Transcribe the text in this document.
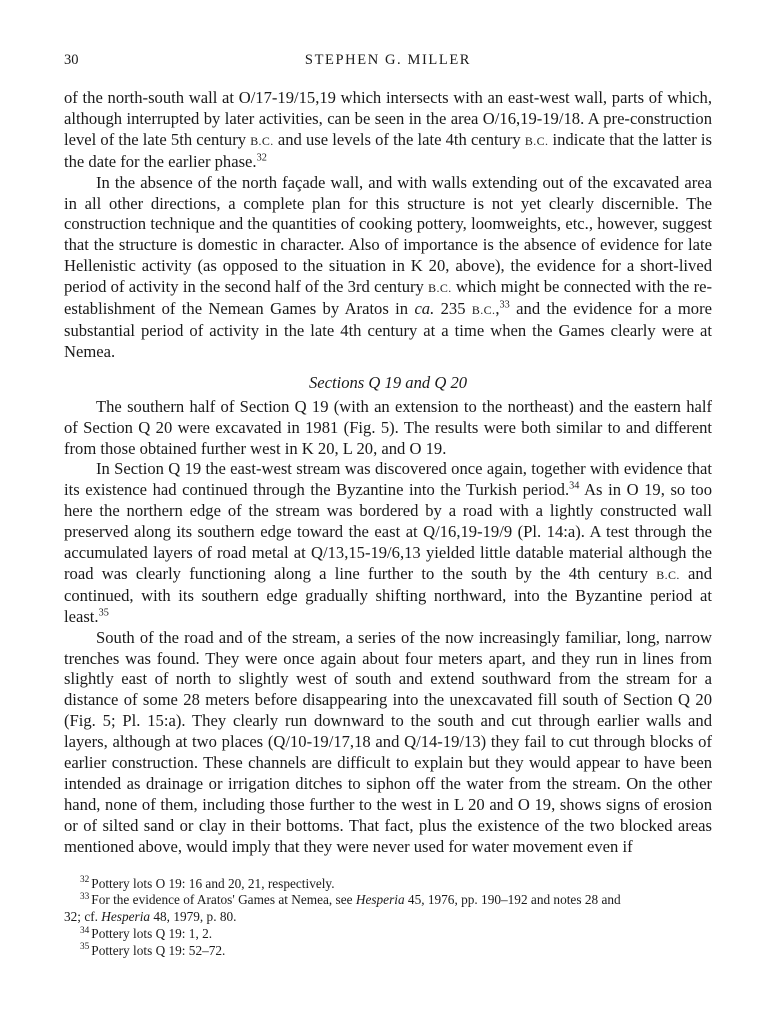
30	STEPHEN G. MILLER

of the north-south wall at O/17-19/15,19 which intersects with an east-west wall, parts of which, although interrupted by later activities, can be seen in the area O/16,19-19/18. A pre-construction level of the late 5th century B.C. and use levels of the late 4th century B.C. indicate that the latter is the date for the earlier phase.$^{32}$

In the absence of the north façade wall, and with walls extending out of the excavated area in all other directions, a complete plan for this structure is not yet clearly discernible. The construction technique and the quantities of cooking pottery, loomweights, etc., however, suggest that the structure is domestic in character. Also of importance is the absence of evidence for late Hellenistic activity (as opposed to the situation in K 20, above), the evidence for a short-lived period of activity in the second half of the 3rd century B.C. which might be connected with the re-establishment of the Nemean Games by Aratos in ca. 235 B.C.,$^{33}$ and the evidence for a more substantial period of activity in the late 4th century at a time when the Games clearly were at Nemea.

Sections Q 19 and Q 20

The southern half of Section Q 19 (with an extension to the northeast) and the eastern half of Section Q 20 were excavated in 1981 (Fig. 5). The results were both similar to and different from those obtained further west in K 20, L 20, and O 19.

In Section Q 19 the east-west stream was discovered once again, together with evidence that its existence had continued through the Byzantine into the Turkish period.$^{34}$ As in O 19, so too here the northern edge of the stream was bordered by a road with a lightly constructed wall preserved along its southern edge toward the east at Q/16,19-19/9 (Pl. 14:a). A test through the accumulated layers of road metal at Q/13,15-19/6,13 yielded little datable material although the road was clearly functioning along a line further to the south by the 4th century B.C. and continued, with its southern edge gradually shifting northward, into the Byzantine period at least.$^{35}$

South of the road and of the stream, a series of the now increasingly familiar, long, narrow trenches was found. They were once again about four meters apart, and they run in lines from slightly east of north to slightly west of south and extend southward from the stream for a distance of some 28 meters before disappearing into the unexcavated fill south of Section Q 20 (Fig. 5; Pl. 15:a). They clearly run downward to the south and cut through earlier walls and layers, although at two places (Q/10-19/17,18 and Q/14-19/13) they fail to cut through blocks of earlier construction. These channels are difficult to explain but they would appear to have been intended as drainage or irrigation ditches to siphon off the water from the stream. On the other hand, none of them, including those further to the west in L 20 and O 19, shows signs of erosion or of silted sand or clay in their bottoms. That fact, plus the existence of the two blocked areas mentioned above, would imply that they were never used for water movement even if

$^{32}$ Pottery lots O 19: 16 and 20, 21, respectively.
$^{33}$ For the evidence of Aratos' Games at Nemea, see Hesperia 45, 1976, pp. 190–192 and notes 28 and
32; cf. Hesperia 48, 1979, p. 80.
$^{34}$ Pottery lots Q 19: 1, 2.
$^{35}$ Pottery lots Q 19: 52–72.
